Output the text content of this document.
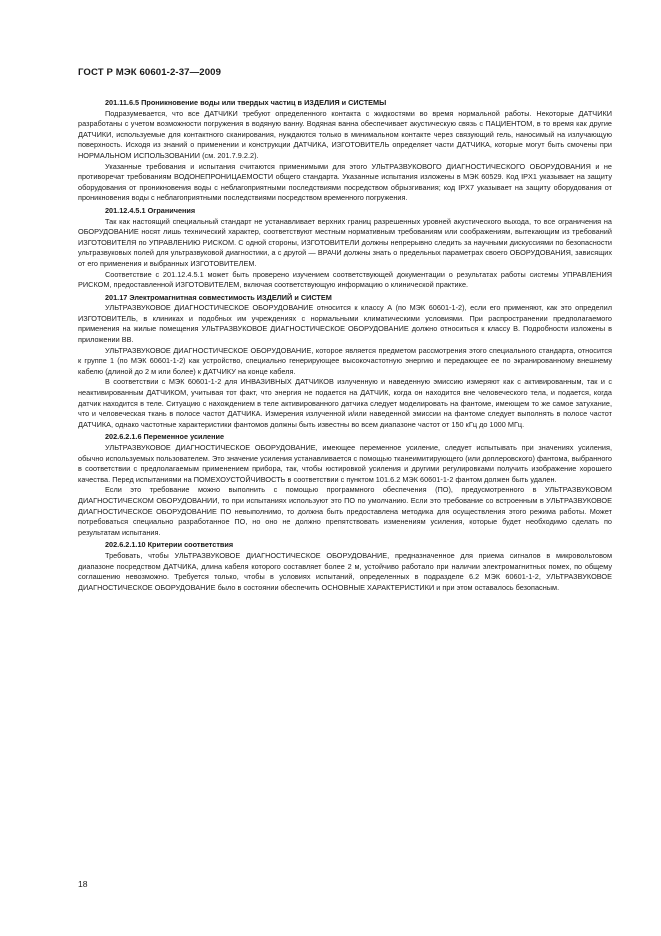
ГОСТ Р МЭК 60601-2-37—2009

201.11.6.5 Проникновение воды или твердых частиц в ИЗДЕЛИЯ и СИСТЕМЫ

Подразумевается, что все ДАТЧИКИ требуют определенного контакта с жидкостями во время нормальной работы. Некоторые ДАТЧИКИ разработаны с учетом возможности погружения в водяную ванну. Водяная ванна обеспечивает акустическую связь с ПАЦИЕНТОМ, в то время как другие ДАТЧИКИ, используемые для контактного сканирования, нуждаются только в минимальном контакте через связующий гель, наносимый на излучающую поверхность. Исходя из знаний о применении и конструкции ДАТЧИКА, ИЗГОТОВИТЕЛЬ определяет части ДАТЧИКА, которые могут быть смочены при НОРМАЛЬНОМ ИСПОЛЬЗОВАНИИ (см. 201.7.9.2.2).

Указанные требования и испытания считаются применимыми для этого УЛЬТРАЗВУКОВОГО ДИАГНОСТИЧЕСКОГО ОБОРУДОВАНИЯ и не противоречат требованиям ВОДОНЕПРОНИЦАЕМОСТИ общего стандарта. Указанные испытания изложены в МЭК 60529. Код IPX1 указывает на защиту оборудования от проникновения воды с неблагоприятными последствиями посредством обрызгивания; код IPX7 указывает на защиту оборудования от проникновения воды с неблагоприятными последствиями посредством временного погружения.

201.12.4.5.1 Ограничения

Так как настоящий специальный стандарт не устанавливает верхних границ разрешенных уровней акустического выхода, то все ограничения на ОБОРУДОВАНИЕ носят лишь технический характер, соответствуют местным нормативным требованиям или соображениям, вытекающим из требований ИЗГОТОВИТЕЛЯ по УПРАВЛЕНИЮ РИСКОМ. С одной стороны, ИЗГОТОВИТЕЛИ должны непрерывно следить за научными дискуссиями по безопасности ультразвуковых полей для ультразвуковой диагностики, а с другой — ВРАЧИ должны знать о предельных параметрах своего ОБОРУДОВАНИЯ, зависящих от его применения и выбранных ИЗГОТОВИТЕЛЕМ.

Соответствие с 201.12.4.5.1 может быть проверено изучением соответствующей документации о результатах работы системы УПРАВЛЕНИЯ РИСКОМ, предоставленной ИЗГОТОВИТЕЛЕМ, включая соответствующую информацию о клинической практике.

201.17 Электромагнитная совместимость ИЗДЕЛИЙ и СИСТЕМ

УЛЬТРАЗВУКОВОЕ ДИАГНОСТИЧЕСКОЕ ОБОРУДОВАНИЕ относится к классу А (по МЭК 60601-1-2), если его применяют, как это определил ИЗГОТОВИТЕЛЬ, в клиниках и подобных им учреждениях с нормальными климатическими условиями. При распространении предполагаемого применения на жилые помещения УЛЬТРАЗВУКОВОЕ ДИАГНОСТИЧЕСКОЕ ОБОРУДОВАНИЕ должно относиться к классу В. Подробности изложены в приложении ВВ.

УЛЬТРАЗВУКОВОЕ ДИАГНОСТИЧЕСКОЕ ОБОРУДОВАНИЕ, которое является предметом рассмотрения этого специального стандарта, относится к группе 1 (по МЭК 60601-1-2) как устройство, специально генерирующее высокочастотную энергию и передающее ее по экранированному внешнему кабелю (длиной до 2 м или более) к ДАТЧИКУ на конце кабеля.

В соответствии с МЭК 60601-1-2 для ИНВАЗИВНЫХ ДАТЧИКОВ излученную и наведенную эмиссию измеряют как с активированным, так и с неактивированным ДАТЧИКОМ, учитывая тот факт, что энергия не подается на ДАТЧИК, когда он находится вне человеческого тела, и подается, когда датчик находится в теле. Ситуацию с нахождением в теле активированного датчика следует моделировать на фантоме, имеющем то же самое затухание, что и человеческая ткань в полосе частот ДАТЧИКА. Измерения излученной и/или наведенной эмиссии на фантоме следует выполнять в полосе частот ДАТЧИКА, однако частотные характеристики фантомов должны быть известны во всем диапазоне частот от 150 кГц до 1000 МГц.

202.6.2.1.6 Переменное усиление

УЛЬТРАЗВУКОВОЕ ДИАГНОСТИЧЕСКОЕ ОБОРУДОВАНИЕ, имеющее переменное усиление, следует испытывать при значениях усиления, обычно используемых пользователем. Это значение усиления устанавливается с помощью тканеимитирующего (или доплеровского) фантома, выбранного в соответствии с предполагаемым применением прибора, так, чтобы юстировкой усиления и другими регулировками получить изображение хорошего качества. Перед испытаниями на ПОМЕХОУСТОЙЧИВОСТЬ в соответствии с пунктом 101.6.2 МЭК 60601-1-2 фантом должен быть удален.

Если это требование можно выполнить с помощью программного обеспечения (ПО), предусмотренного в УЛЬТРАЗВУКОВОМ ДИАГНОСТИЧЕСКОМ ОБОРУДОВАНИИ, то при испытаниях используют это ПО по умолчанию. Если это требование со встроенным в УЛЬТРАЗВУКОВОЕ ДИАГНОСТИЧЕСКОЕ ОБОРУДОВАНИЕ ПО невыполнимо, то должна быть предоставлена методика для осуществления этого режима работы. Может потребоваться специально разработанное ПО, но оно не должно препятствовать изменениям усиления, которые будет необходимо сделать по результатам испытания.

202.6.2.1.10 Критерии соответствия

Требовать, чтобы УЛЬТРАЗВУКОВОЕ ДИАГНОСТИЧЕСКОЕ ОБОРУДОВАНИЕ, предназначенное для приема сигналов в микровольтовом диапазоне посредством ДАТЧИКА, длина кабеля которого составляет более 2 м, устойчиво работало при наличии электромагнитных помех, по общему соглашению невозможно. Требуется только, чтобы в условиях испытаний, определенных в подразделе 6.2 МЭК 60601-1-2, УЛЬТРАЗВУКОВОЕ ДИАГНОСТИЧЕСКОЕ ОБОРУДОВАНИЕ было в состоянии обеспечить ОСНОВНЫЕ ХАРАКТЕРИСТИКИ и при этом оставалось безопасным.

18
